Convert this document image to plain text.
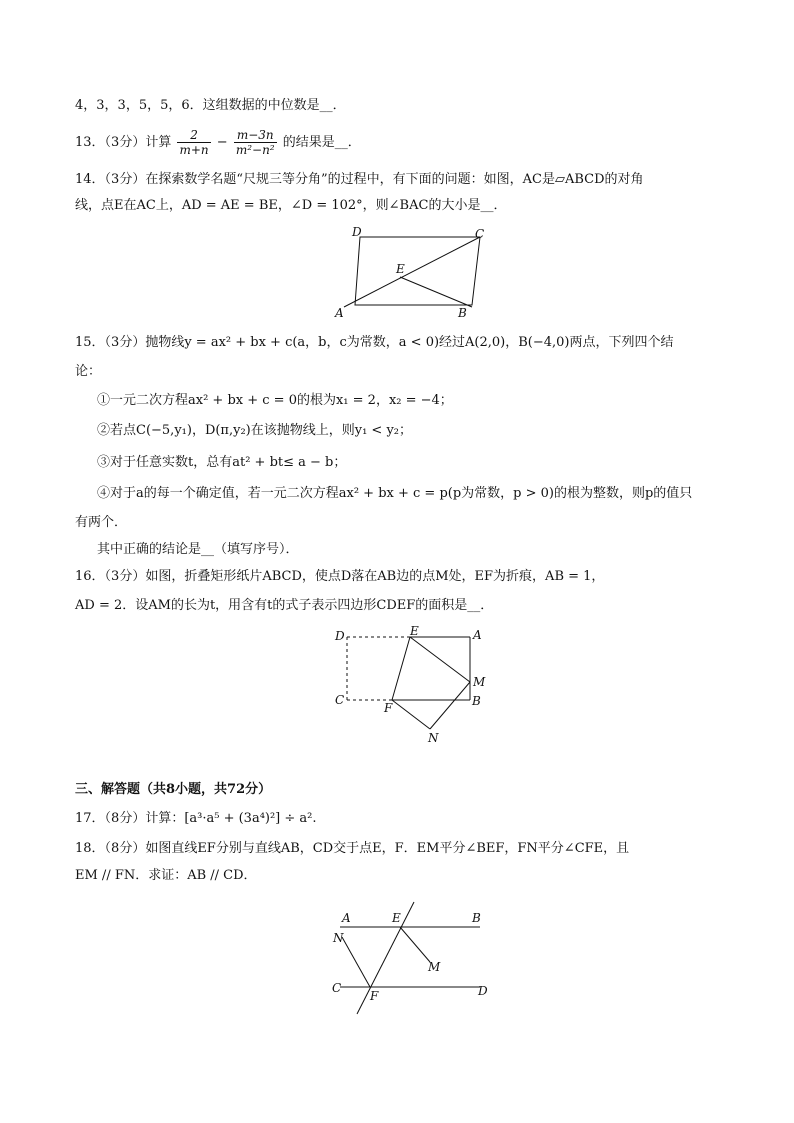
4，3，3，5，5，6．这组数据的中位数是__．
13．（3分）计算 $\frac{2}{m+n} - \frac{m-3n}{\text{m²−n²}}$ 的结果是__．
14．（3分）在探索数学名题“尺规三等分角”的过程中，有下面的问题：如图，AC是▱ABCD的对角
线，点E在AC上，AD = AE = BE，∠D = 102°，则∠BAC的大小是__．
D	C
E
A	B
15．（3分）抛物线y = ax² + bx + c(a，b，c为常数，a < 0)经过A(2,0)，B(−4,0)两点，下列四个结
论：
①一元二次方程ax² + bx + c = 0的根为x₁ = 2，x₂ = −4；
②若点C(−5,y₁)，D(π,y₂)在该抛物线上，则y₁ < y₂；
③对于任意实数t，总有at² + bt≤ a − b；
④对于a的每一个确定值，若一元二次方程ax² + bx + c = p(p为常数，p > 0)的根为整数，则p的值只
有两个．
其中正确的结论是__（填写序号）．
16．（3分）如图，折叠矩形纸片ABCD，使点D落在AB边的点M处，EF为折痕，AB = 1，
AD = 2．设AM的长为t，用含有t的式子表示四边形CDEF的面积是__．
D	E	A
M
C
F	B
N
三、解答题（共8小题，共72分）
17．（8分）计算：[a³·a⁵ + (3a⁴)²] ÷ a².
18．（8分）如图直线EF分别与直线AB，CD交于点E，F．EM平分∠BEF，FN平分∠CFE，且
EM // FN．求证：AB // CD．
A	E	B
N
M
C
F	D
